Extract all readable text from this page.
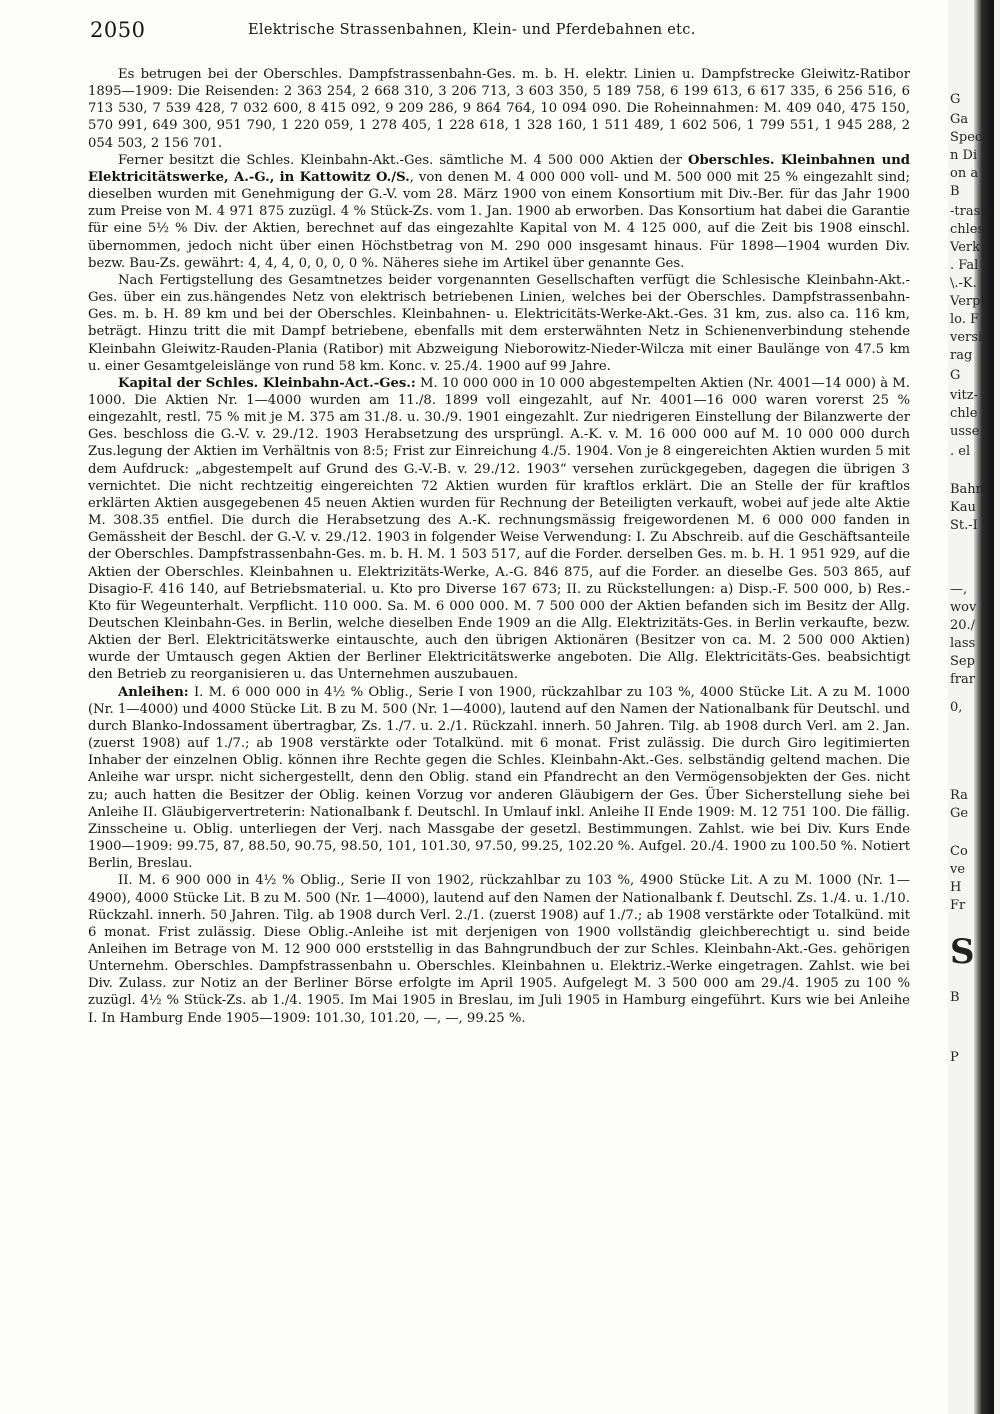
2050	Elektrische Strassenbahnen, Klein- und Pferdebahnen etc.

Es betrugen bei der Oberschles. Dampfstrassenbahn-Ges. m. b. H. elektr. Linien u. Dampfstrecke Gleiwitz-Ratibor 1895—1909: Die Reisenden: 2 363 254, 2 668 310, 3 206 713, 3 603 350, 5 189 758, 6 199 613, 6 617 335, 6 256 516, 6 713 530, 7 539 428, 7 032 600, 8 415 092, 9 209 286, 9 864 764, 10 094 090. Die Roheinnahmen: M. 409 040, 475 150, 570 991, 649 300, 951 790, 1 220 059, 1 278 405, 1 228 618, 1 328 160, 1 511 489, 1 602 506, 1 799 551, 1 945 288, 2 054 503, 2 156 701.

Ferner besitzt die Schles. Kleinbahn-Akt.-Ges. sämtliche M. 4 500 000 Aktien der Oberschles. Kleinbahnen und Elektricitätswerke, A.-G., in Kattowitz O./S., von denen M. 4 000 000 voll- und M. 500 000 mit 25 % eingezahlt sind; dieselben wurden mit Genehmigung der G.-V. vom 28. März 1900 von einem Konsortium mit Div.-Ber. für das Jahr 1900 zum Preise von M. 4 971 875 zuzügl. 4 % Stück-Zs. vom 1. Jan. 1900 ab erworben. Das Konsortium hat dabei die Garantie für eine 5½ % Div. der Aktien, berechnet auf das eingezahlte Kapital von M. 4 125 000, auf die Zeit bis 1908 einschl. übernommen, jedoch nicht über einen Höchstbetrag von M. 290 000 insgesamt hinaus. Für 1898—1904 wurden Div. bezw. Bau-Zs. gewährt: 4, 4, 4, 0, 0, 0, 0 %. Näheres siehe im Artikel über genannte Ges.

Nach Fertigstellung des Gesamtnetzes beider vorgenannten Gesellschaften verfügt die Schlesische Kleinbahn-Akt.-Ges. über ein zus.hängendes Netz von elektrisch betriebenen Linien, welches bei der Oberschles. Dampfstrassenbahn-Ges. m. b. H. 89 km und bei der Oberschles. Kleinbahnen- u. Elektricitäts-Werke-Akt.-Ges. 31 km, zus. also ca. 116 km, beträgt. Hinzu tritt die mit Dampf betriebene, ebenfalls mit dem ersterwähnten Netz in Schienenverbindung stehende Kleinbahn Gleiwitz-Rauden-Plania (Ratibor) mit Abzweigung Nieborowitz-Nieder-Wilcza mit einer Baulänge von 47.5 km u. einer Gesamtgeleislänge von rund 58 km. Konc. v. 25./4. 1900 auf 99 Jahre.

Kapital der Schles. Kleinbahn-Act.-Ges.: M. 10 000 000 in 10 000 abgestempelten Aktien (Nr. 4001—14 000) à M. 1000. Die Aktien Nr. 1—4000 wurden am 11./8. 1899 voll eingezahlt, auf Nr. 4001—16 000 waren vorerst 25 % eingezahlt, restl. 75 % mit je M. 375 am 31./8. u. 30./9. 1901 eingezahlt. Zur niedrigeren Einstellung der Bilanzwerte der Ges. beschloss die G.-V. v. 29./12. 1903 Herabsetzung des ursprüngl. A.-K. v. M. 16 000 000 auf M. 10 000 000 durch Zus.legung der Aktien im Verhältnis von 8:5; Frist zur Einreichung 4./5. 1904. Von je 8 eingereichten Aktien wurden 5 mit dem Aufdruck: „abgestempelt auf Grund des G.-V.-B. v. 29./12. 1903“ versehen zurückgegeben, dagegen die übrigen 3 vernichtet. Die nicht rechtzeitig eingereichten 72 Aktien wurden für kraftlos erklärt. Die an Stelle der für kraftlos erklärten Aktien ausgegebenen 45 neuen Aktien wurden für Rechnung der Beteiligten verkauft, wobei auf jede alte Aktie M. 308.35 entfiel. Die durch die Herabsetzung des A.-K. rechnungsmässig freigewordenen M. 6 000 000 fanden in Gemässheit der Beschl. der G.-V. v. 29./12. 1903 in folgender Weise Verwendung: I. Zu Abschreib. auf die Geschäftsanteile der Oberschles. Dampfstrassenbahn-Ges. m. b. H. M. 1 503 517, auf die Forder. derselben Ges. m. b. H. 1 951 929, auf die Aktien der Oberschles. Kleinbahnen u. Elektrizitäts-Werke, A.-G. 846 875, auf die Forder. an dieselbe Ges. 503 865, auf Disagio-F. 416 140, auf Betriebsmaterial. u. Kto pro Diverse 167 673; II. zu Rückstellungen: a) Disp.-F. 500 000, b) Res.-Kto für Wegeunterhalt. Verpflicht. 110 000. Sa. M. 6 000 000. M. 7 500 000 der Aktien befanden sich im Besitz der Allg. Deutschen Kleinbahn-Ges. in Berlin, welche dieselben Ende 1909 an die Allg. Elektrizitäts-Ges. in Berlin verkaufte, bezw. Aktien der Berl. Elektricitätswerke eintauschte, auch den übrigen Aktionären (Besitzer von ca. M. 2 500 000 Aktien) wurde der Umtausch gegen Aktien der Berliner Elektricitätswerke angeboten. Die Allg. Elektricitäts-Ges. beabsichtigt den Betrieb zu reorganisieren u. das Unternehmen auszubauen.

Anleihen: I. M. 6 000 000 in 4½ % Oblig., Serie I von 1900, rückzahlbar zu 103 %, 4000 Stücke Lit. A zu M. 1000 (Nr. 1—4000) und 4000 Stücke Lit. B zu M. 500 (Nr. 1—4000), lautend auf den Namen der Nationalbank für Deutschl. und durch Blanko-Indossament übertragbar, Zs. 1./7. u. 2./1. Rückzahl. innerh. 50 Jahren. Tilg. ab 1908 durch Verl. am 2. Jan. (zuerst 1908) auf 1./7.; ab 1908 verstärkte oder Totalkünd. mit 6 monat. Frist zulässig. Die durch Giro legitimierten Inhaber der einzelnen Oblig. können ihre Rechte gegen die Schles. Kleinbahn-Akt.-Ges. selbständig geltend machen. Die Anleihe war urspr. nicht sichergestellt, denn den Oblig. stand ein Pfandrecht an den Vermögensobjekten der Ges. nicht zu; auch hatten die Besitzer der Oblig. keinen Vorzug vor anderen Gläubigern der Ges. Über Sicherstellung siehe bei Anleihe II. Gläubigervertreterin: Nationalbank f. Deutschl. In Umlauf inkl. Anleihe II Ende 1909: M. 12 751 100. Die fällig. Zinsscheine u. Oblig. unterliegen der Verj. nach Massgabe der gesetzl. Bestimmungen. Zahlst. wie bei Div. Kurs Ende 1900—1909: 99.75, 87, 88.50, 90.75, 98.50, 101, 101.30, 97.50, 99.25, 102.20 %. Aufgel. 20./4. 1900 zu 100.50 %. Notiert Berlin, Breslau.

II. M. 6 900 000 in 4½ % Oblig., Serie II von 1902, rückzahlbar zu 103 %, 4900 Stücke Lit. A zu M. 1000 (Nr. 1—4900), 4000 Stücke Lit. B zu M. 500 (Nr. 1—4000), lautend auf den Namen der Nationalbank f. Deutschl. Zs. 1./4. u. 1./10. Rückzahl. innerh. 50 Jahren. Tilg. ab 1908 durch Verl. 2./1. (zuerst 1908) auf 1./7.; ab 1908 verstärkte oder Totalkünd. mit 6 monat. Frist zulässig. Diese Oblig.-Anleihe ist mit derjenigen von 1900 vollständig gleichberechtigt u. sind beide Anleihen im Betrage von M. 12 900 000 erststellig in das Bahngrundbuch der zur Schles. Kleinbahn-Akt.-Ges. gehörigen Unternehm. Oberschles. Dampfstrassenbahn u. Oberschles. Kleinbahnen u. Elektriz.-Werke eingetragen. Zahlst. wie bei Div. Zulass. zur Notiz an der Berliner Börse erfolgte im April 1905. Aufgelegt M. 3 500 000 am 29./4. 1905 zu 100 % zuzügl. 4½ % Stück-Zs. ab 1./4. 1905. Im Mai 1905 in Breslau, im Juli 1905 in Hamburg eingeführt. Kurs wie bei Anleihe I. In Hamburg Ende 1905—1909: 101.30, 101.20, —, —, 99.25 %.

G
Ga
Spec.
n Di
on a
B
-trass
chles
Verk
. Fal
\.-K.
Verpf
lo. F
versi
rag
G
vitz-
chle
usse
. el
Bahn
Kau
St.-I
—,
wov
20./
lass
Sep
frar
0,
Ra
Ge
Co
ve
H
Fr
S
B
P
